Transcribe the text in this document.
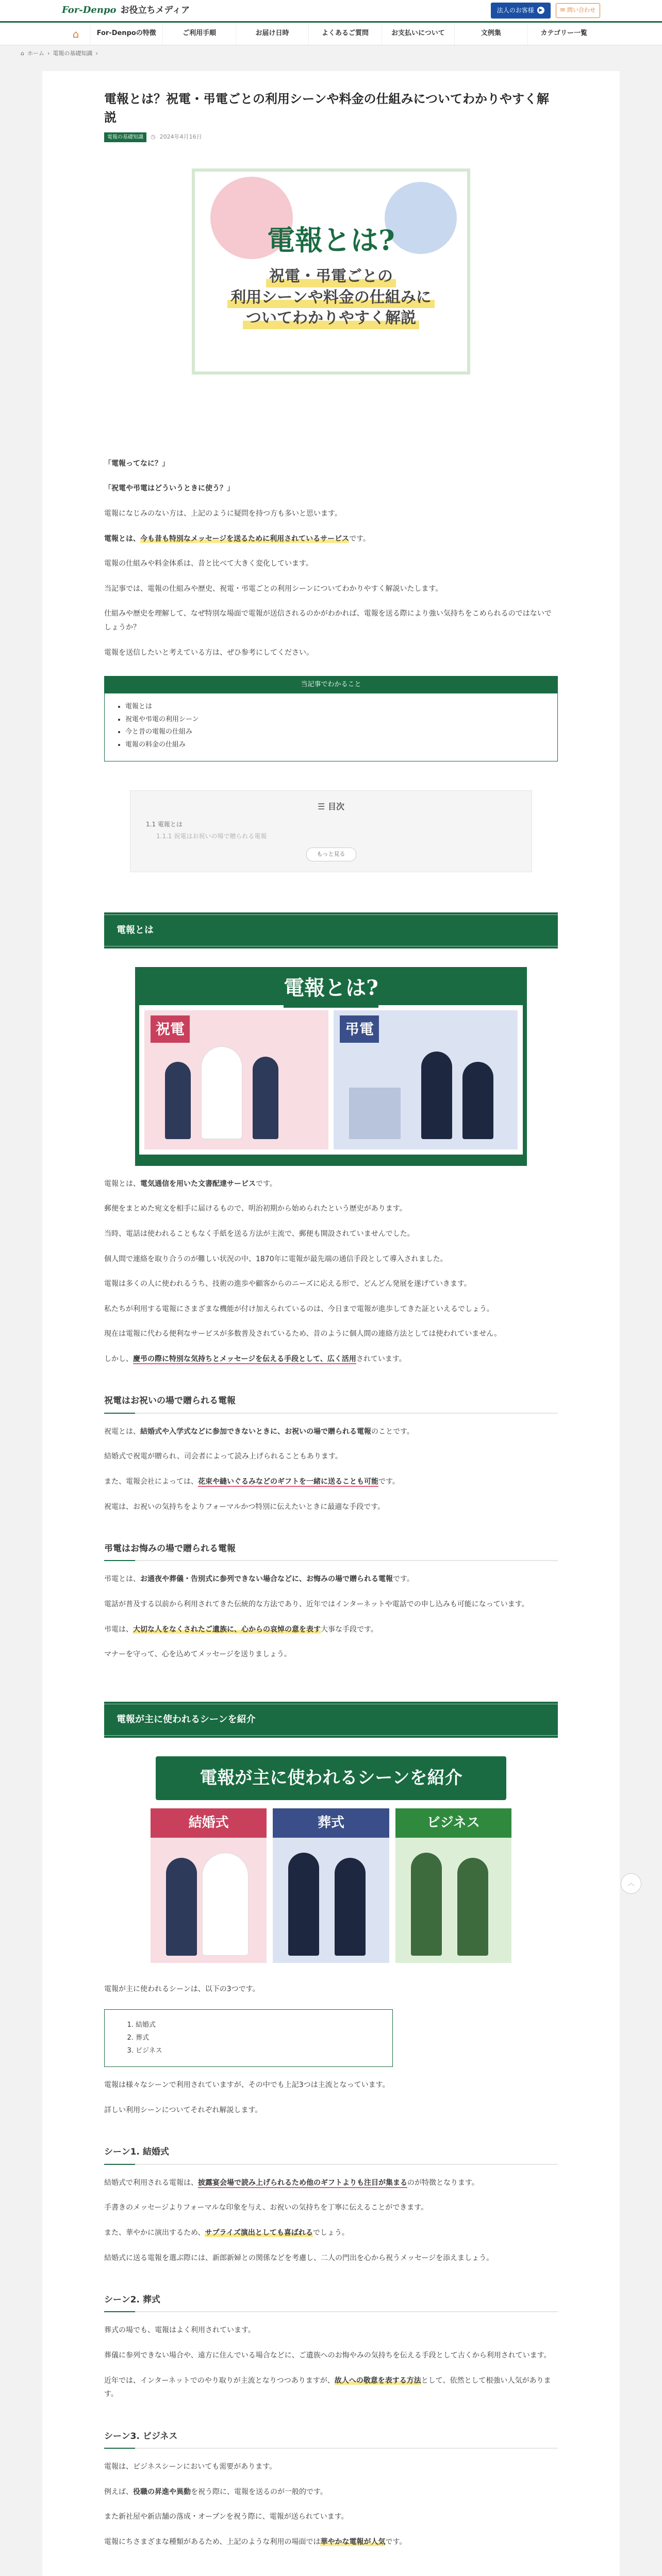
For-Denpo お役立ちメディア	法人のお客様	▶	✉ 問い合わせ
⌂	For-Denpoの特徴	ご利用手順	お届け日時	よくあるご質問	お支払いについて	文例集	カテゴリー一覧
⌂ ホーム › 電報の基礎知識 ›
電報とは？祝電・弔電ごとの利用シーンや料金の仕組みについてわかりやすく解説
電報の基礎知識	◷ 2024年4月16日
電報とは?
祝電・弔電ごとの
利用シーンや料金の仕組みに
ついてわかりやすく解説

「電報ってなに？」

「祝電や弔電はどういうときに使う？」

電報になじみのない方は、上記のように疑問を持つ方も多いと思います。

電報とは、今も昔も特別なメッセージを送るために利用されているサービスです。

電報の仕組みや料金体系は、昔と比べて大きく変化しています。

当記事では、電報の仕組みや歴史、祝電・弔電ごとの利用シーンについてわかりやすく解説いたします。

仕組みや歴史を理解して、なぜ特別な場面で電報が送信されるのかがわかれば、電報を送る際により強い気持ちをこめられるのではないでしょうか？

電報を送信したいと考えている方は、ぜひ参考にしてください。

当記事でわかること
• 電報とは
• 祝電や弔電の利用シーン
• 今と昔の電報の仕組み
• 電報の料金の仕組み
☰ 目次
1.1 電報とは
1.1.1 祝電はお祝いの場で贈られる電報
もっと見る
電報とは
電報とは?
祝電	弔電

電報とは、電気通信を用いた文書配達サービスです。

郵便をまとめた宛文を相手に届けるもので、明治初期から始められたという歴史があります。

当時、電話は使われることもなく手紙を送る方法が主流で、郵便も開設されていませんでした。

個人間で連絡を取り合うのが難しい状況の中、1870年に電報が最先端の通信手段として導入されました。

電報は多くの人に使われるうち、技術の進歩や顧客からのニーズに応える形で、どんどん発展を遂げていきます。

私たちが利用する電報にさまざまな機能が付け加えられているのは、今日まで電報が進歩してきた証といえるでしょう。

現在は電報に代わる便利なサービスが多数普及されているため、昔のように個人間の連絡方法としては使われていません。

しかし、慶弔の際に特別な気持ちとメッセージを伝える手段として、広く活用されています。

祝電はお祝いの場で贈られる電報

祝電とは、結婚式や入学式などに参加できないときに、お祝いの場で贈られる電報のことです。

結婚式で祝電が贈られ、司会者によって読み上げられることもあります。

また、電報会社によっては、花束や縫いぐるみなどのギフトを一緒に送ることも可能です。

祝電は、お祝いの気持ちをよりフォーマルかつ特別に伝えたいときに最適な手段です。

弔電はお悔みの場で贈られる電報

弔電とは、お通夜や葬儀・告別式に参列できない場合などに、お悔みの場で贈られる電報です。

電話が普及する以前から利用されてきた伝統的な方法であり、近年ではインターネットや電話での申し込みも可能になっています。

弔電は、大切な人をなくされたご遺族に、心からの哀悼の意を表す大事な手段です。

マナーを守って、心を込めてメッセージを送りましょう。

電報が主に使われるシーンを紹介
電報が主に使われるシーンを紹介
結婚式	葬式	ビジネス

電報が主に使われるシーンは、以下の3つです。

1. 結婚式
2. 葬式
3. ビジネス

電報は様々なシーンで利用されていますが、その中でも上記3つは主流となっています。

詳しい利用シーンについてそれぞれ解説します。

シーン1. 結婚式

結婚式で利用される電報は、披露宴会場で読み上げられるため他のギフトよりも注目が集まるのが特徴となります。

手書きのメッセージよりフォーマルな印象を与え、お祝いの気持ちを丁寧に伝えることができます。

また、華やかに演出するため、サプライズ演出としても喜ばれるでしょう。

結婚式に送る電報を選ぶ際には、新郎新婦との関係などを考慮し、二人の門出を心から祝うメッセージを添えましょう。

シーン2. 葬式

葬式の場でも、電報はよく利用されています。

葬儀に参列できない場合や、遠方に住んでいる場合などに、ご遺族へのお悔やみの気持ちを伝える手段として古くから利用されています。

近年では、インターネットでのやり取りが主流となりつつありますが、故人への敬意を表する方法として、依然として根強い人気があります。

シーン3. ビジネス

電報は、ビジネスシーンにおいても需要があります。

例えば、役職の昇進や異動を祝う際に、電報を送るのが一般的です。

また新社屋や新店舗の落成・オープンを祝う際に、電報が送られています。

電報にちさまざまな種類があるため、上記のような利用の場面では華やかな電報が人気です。

︿
